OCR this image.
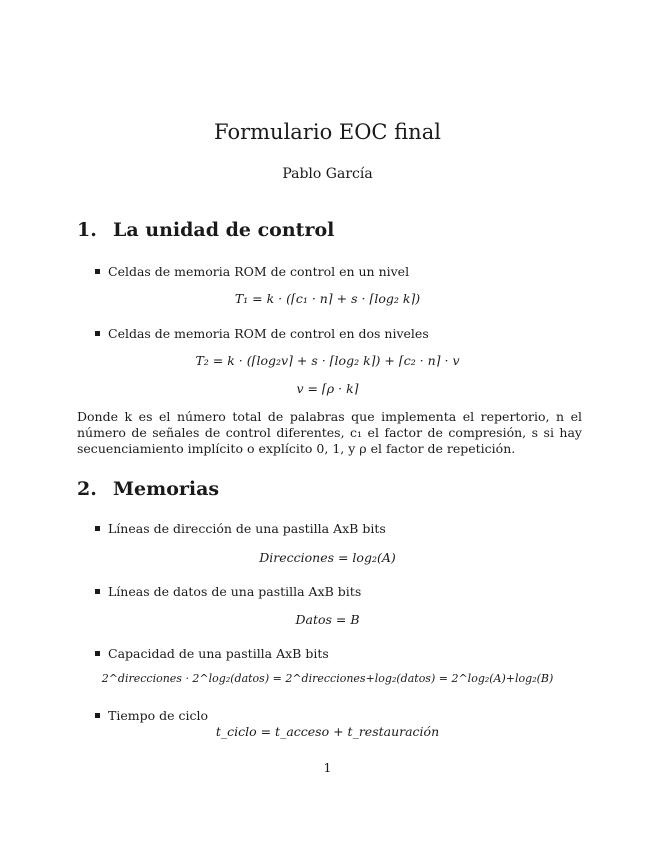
Formulario EOC final
Pablo García
1. La unidad de control
Celdas de memoria ROM de control en un nivel
T₁ = k · (⌈c₁ · n⌉ + s · ⌈log₂ k⌉)
Celdas de memoria ROM de control en dos niveles
T₂ = k · (⌈log₂v⌉ + s · ⌈log₂ k⌉) + ⌈c₂ · n⌉ · v
v = ⌈ρ · k⌉
Donde k es el número total de palabras que implementa el repertorio, n el número de señales de control diferentes, c₁ el factor de compresión, s si hay secuenciamiento implícito o explícito 0, 1, y ρ el factor de repetición.
2. Memorias
Líneas de dirección de una pastilla AxB bits
Direcciones = log₂(A)
Líneas de datos de una pastilla AxB bits
Datos = B
Capacidad de una pastilla AxB bits
2^direcciones · 2^log₂(datos) = 2^direcciones+log₂(datos) = 2^log₂(A)+log₂(B)
Tiempo de ciclo
t_ciclo = t_acceso + t_restauración
1
